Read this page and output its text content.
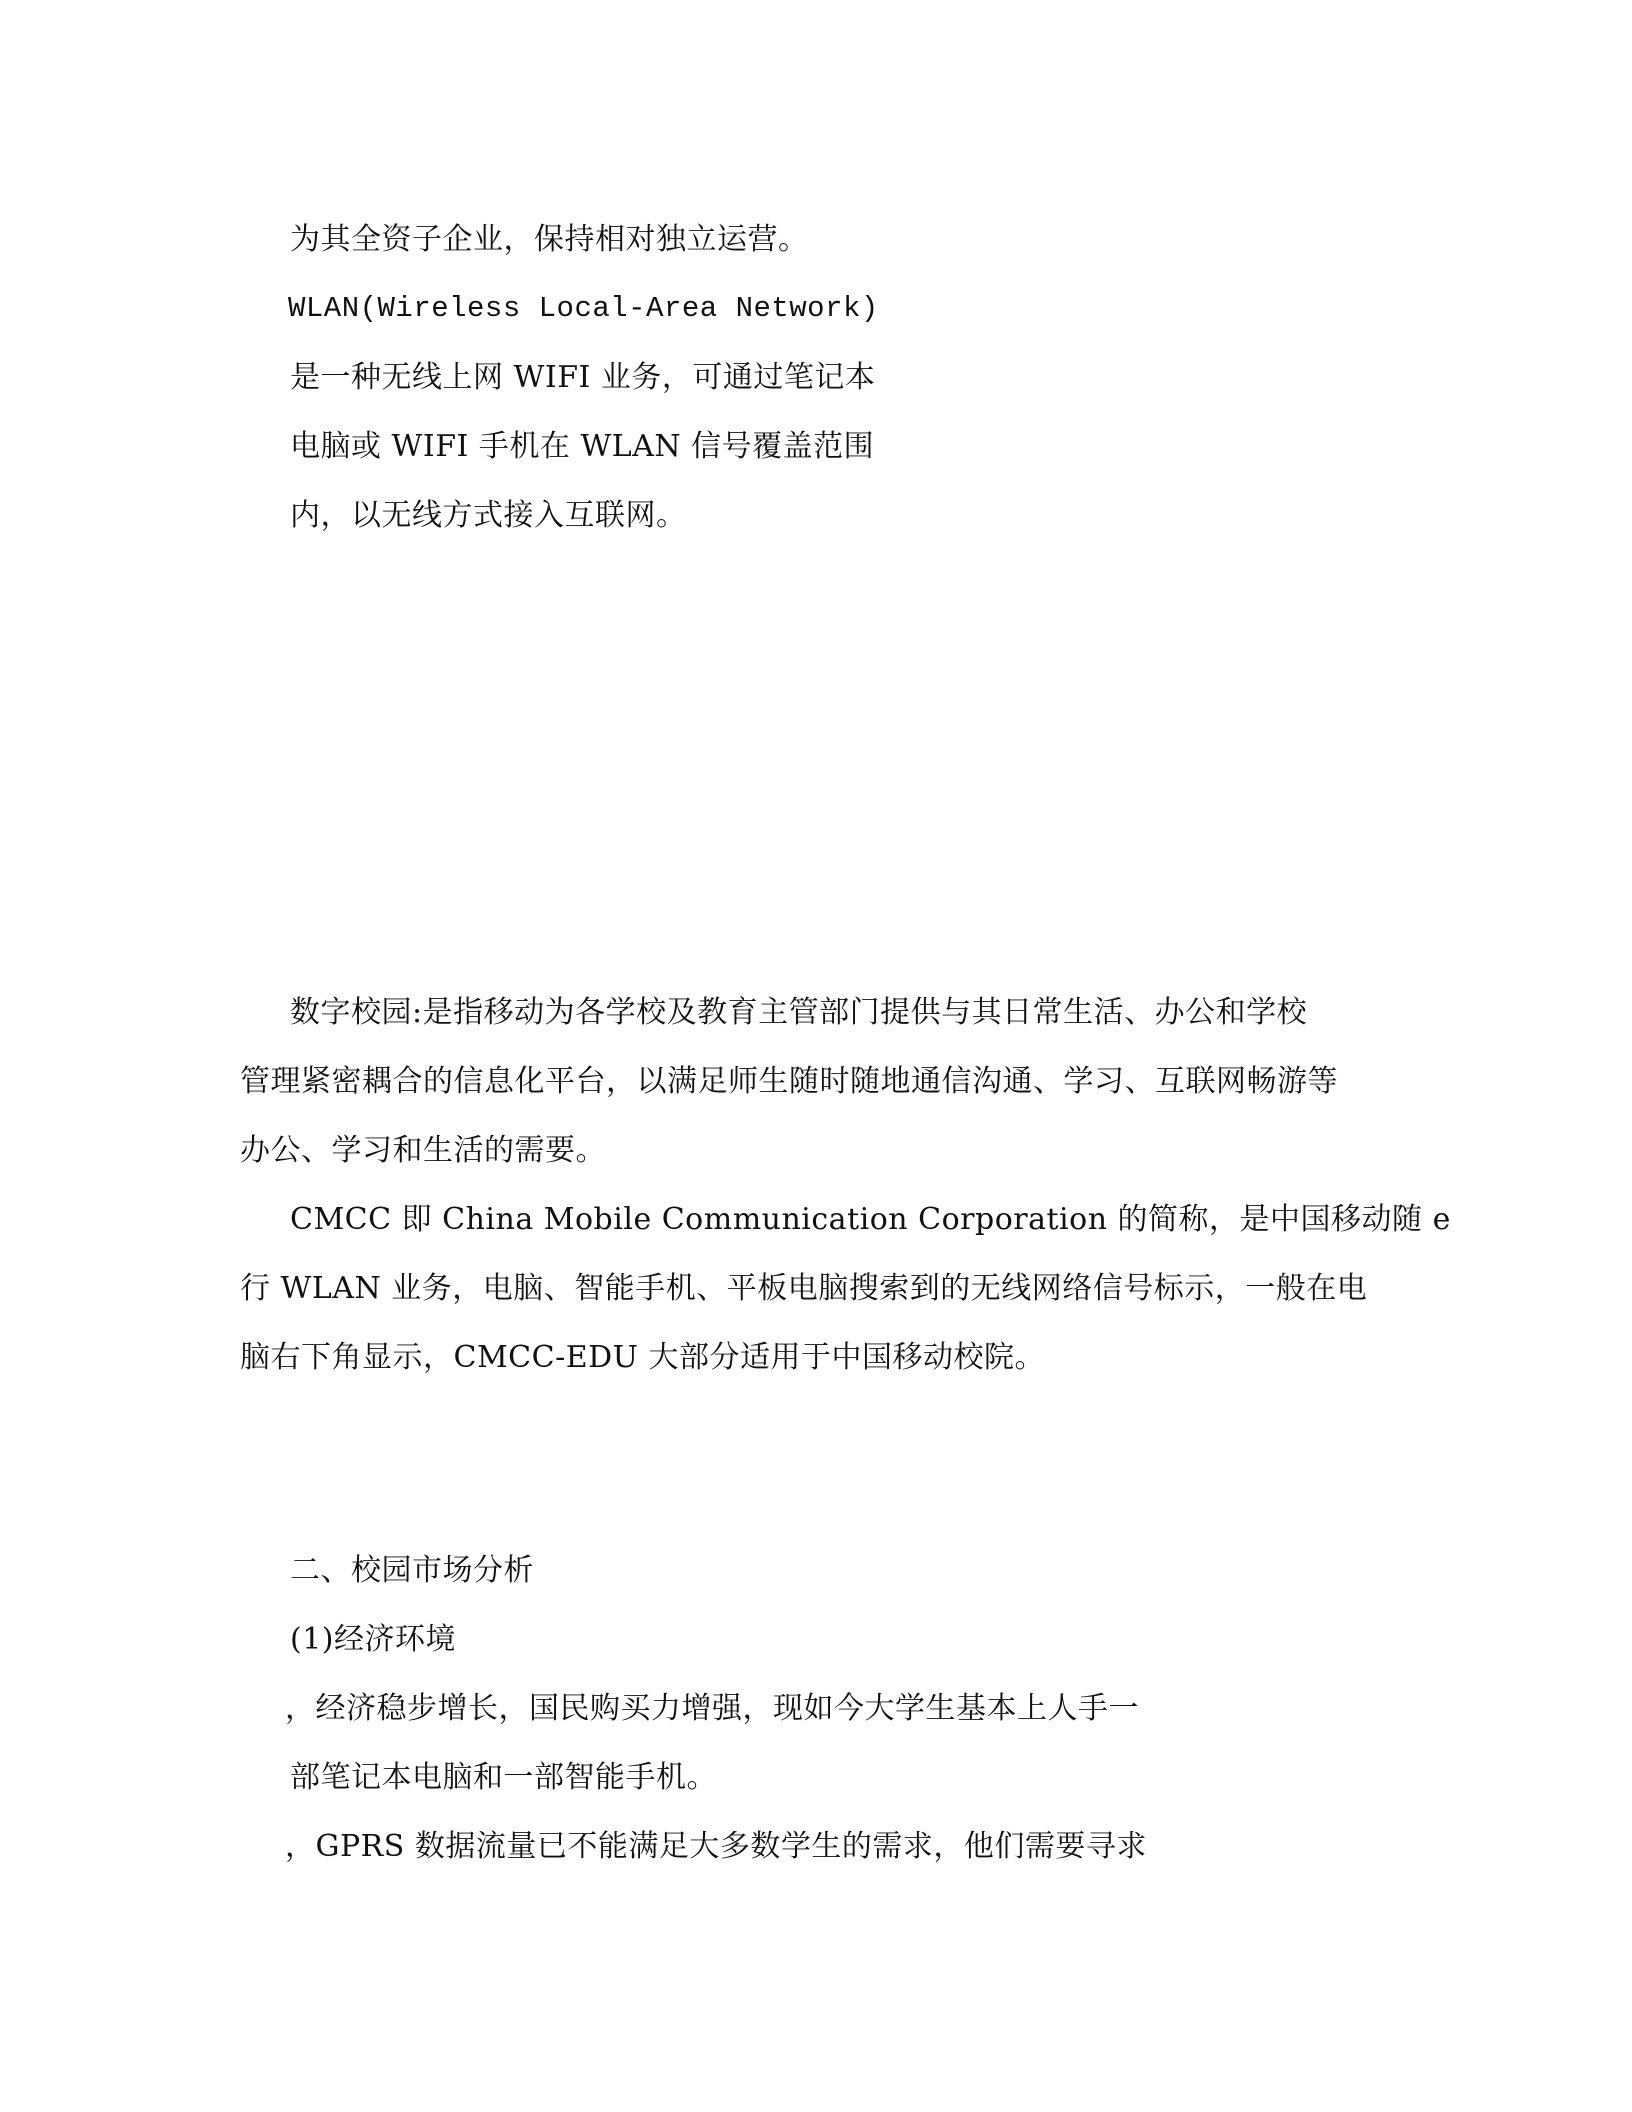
为其全资子企业，保持相对独立运营。
WLAN(Wireless Local-Area Network)
是一种无线上网 WIFI 业务，可通过笔记本
电脑或 WIFI 手机在 WLAN 信号覆盖范围
内，以无线方式接入互联网。
数字校园:是指移动为各学校及教育主管部门提供与其日常生活、办公和学校
管理紧密耦合的信息化平台，以满足师生随时随地通信沟通、学习、互联网畅游等
办公、学习和生活的需要。
CMCC 即 China Mobile Communication Corporation 的简称，是中国移动随 e
行 WLAN 业务，电脑、智能手机、平板电脑搜索到的无线网络信号标示，一般在电
脑右下角显示，CMCC-EDU 大部分适用于中国移动校院。
二、校园市场分析
(1)经济环境
，经济稳步增长，国民购买力增强，现如今大学生基本上人手一
部笔记本电脑和一部智能手机。
，GPRS 数据流量已不能满足大多数学生的需求，他们需要寻求
